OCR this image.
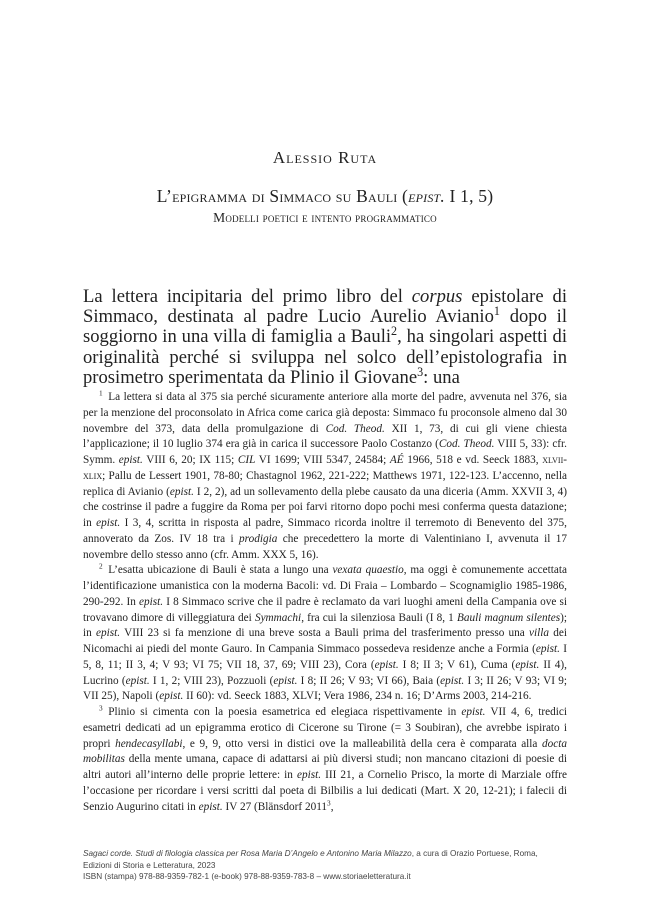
Alessio Ruta
L’epigramma di Simmaco su Bauli (epist. I 1, 5)
Modelli poetici e intento programmatico

La lettera incipitaria del primo libro del corpus epistolare di Simmaco, destinata al padre Lucio Aurelio Avianio$^1$ dopo il soggiorno in una villa di famiglia a Bauli$^2$, ha singolari aspetti di originalità perché si sviluppa nel solco dell’epistolografia in prosimetro sperimentata da Plinio il Giovane$^3$: una

$^1$  La lettera si data al 375 sia perché sicuramente anteriore alla morte del padre, avvenuta nel 376, sia per la menzione del proconsolato in Africa come carica già deposta: Simmaco fu proconsole almeno dal 30 novembre del 373, data della promulgazione di Cod. Theod. XII 1, 73, di cui gli viene chiesta l’applicazione; il 10 luglio 374 era già in carica il successore Paolo Costanzo (Cod. Theod. VIII 5, 33): cfr. Symm. epist. VIII 6, 20; IX 115; CIL VI 1699; VIII 5347, 24584; AÉ 1966, 518 e vd. Seeck 1883, xlvii-xlix; Pallu de Lessert 1901, 78-80; Chastagnol 1962, 221-222; Matthews 1971, 122-123. L’accenno, nella replica di Avianio (epist. I 2, 2), ad un sollevamento della plebe causato da una diceria (Amm. XXVII 3, 4) che costrinse il padre a fuggire da Roma per poi farvi ritorno dopo pochi mesi conferma questa datazione; in epist. I 3, 4, scritta in risposta al padre, Simmaco ricorda inoltre il terremoto di Benevento del 375, annoverato da Zos. IV 18 tra i prodigia che precedettero la morte di Valentiniano I, avvenuta il 17 novembre dello stesso anno (cfr. Amm. XXX 5, 16).

$^2$  L’esatta ubicazione di Bauli è stata a lungo una vexata quaestio, ma oggi è comunemente accettata l’identificazione umanistica con la moderna Bacoli: vd. Di Fraia – Lombardo – Scognamiglio 1985-1986, 290-292. In epist. I 8 Simmaco scrive che il padre è reclamato da vari luoghi ameni della Campania ove si trovavano dimore di villeggiatura dei Symmachi, fra cui la silenziosa Bauli (I 8, 1 Bauli magnum silentes); in epist. VIII 23 si fa menzione di una breve sosta a Bauli prima del trasferimento presso una villa dei Nicomachi ai piedi del monte Gauro. In Campania Simmaco possedeva residenze anche a Formia (epist. I 5, 8, 11; II 3, 4; V 93; VI 75; VII 18, 37, 69; VIII 23), Cora (epist. I 8; II 3; V 61), Cuma (epist. II 4), Lucrino (epist. I 1, 2; VIII 23), Pozzuoli (epist. I 8; II 26; V 93; VI 66), Baia (epist. I 3; II 26; V 93; VI 9; VII 25), Napoli (epist. II 60): vd. Seeck 1883, XLVI; Vera 1986, 234 n. 16; D’Arms 2003, 214-216.

$^3$  Plinio si cimenta con la poesia esametrica ed elegiaca rispettivamente in epist. VII 4, 6, tredici esametri dedicati ad un epigramma erotico di Cicerone su Tirone (= 3 Soubiran), che avrebbe ispirato i propri hendecasyllabi, e 9, 9, otto versi in distici ove la malleabilità della cera è comparata alla docta mobilitas della mente umana, capace di adattarsi ai più diversi studi; non mancano citazioni di poesie di altri autori all’interno delle proprie lettere: in epist. III 21, a Cornelio Prisco, la morte di Marziale offre l’occasione per ricordare i versi scritti dal poeta di Bilbilis a lui dedicati (Mart. X 20, 12-21); i falecii di Senzio Augurino citati in epist. IV 27 (Blänsdorf 2011$^3$,

Sagaci corde. Studi di filologia classica per Rosa Maria D’Angelo e Antonino Maria Milazzo, a cura di Orazio Portuese, Roma,
Edizioni di Storia e Letteratura, 2023
ISBN (stampa) 978-88-9359-782-1 (e-book) 978-88-9359-783-8 – www.storiaeletteratura.it
